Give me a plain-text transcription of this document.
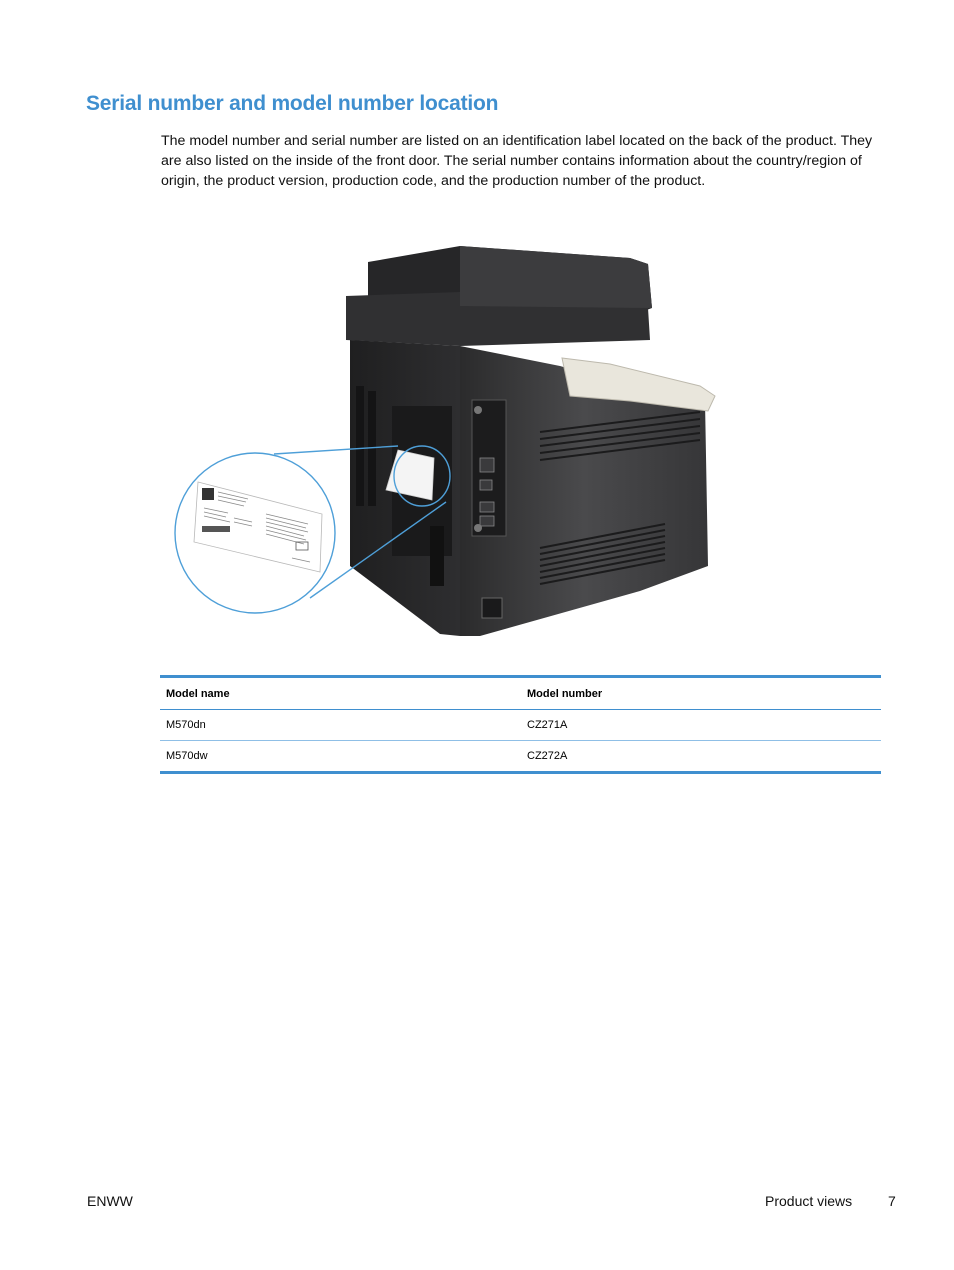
Serial number and model number location

The model number and serial number are listed on an identification label located on the back of the product. They are also listed on the inside of the front door. The serial number contains information about the country/region of origin, the product version, production code, and the production number of the product.

Model name	Model number
M570dn	CZ271A
M570dw	CZ272A
ENWW	Product views	7
